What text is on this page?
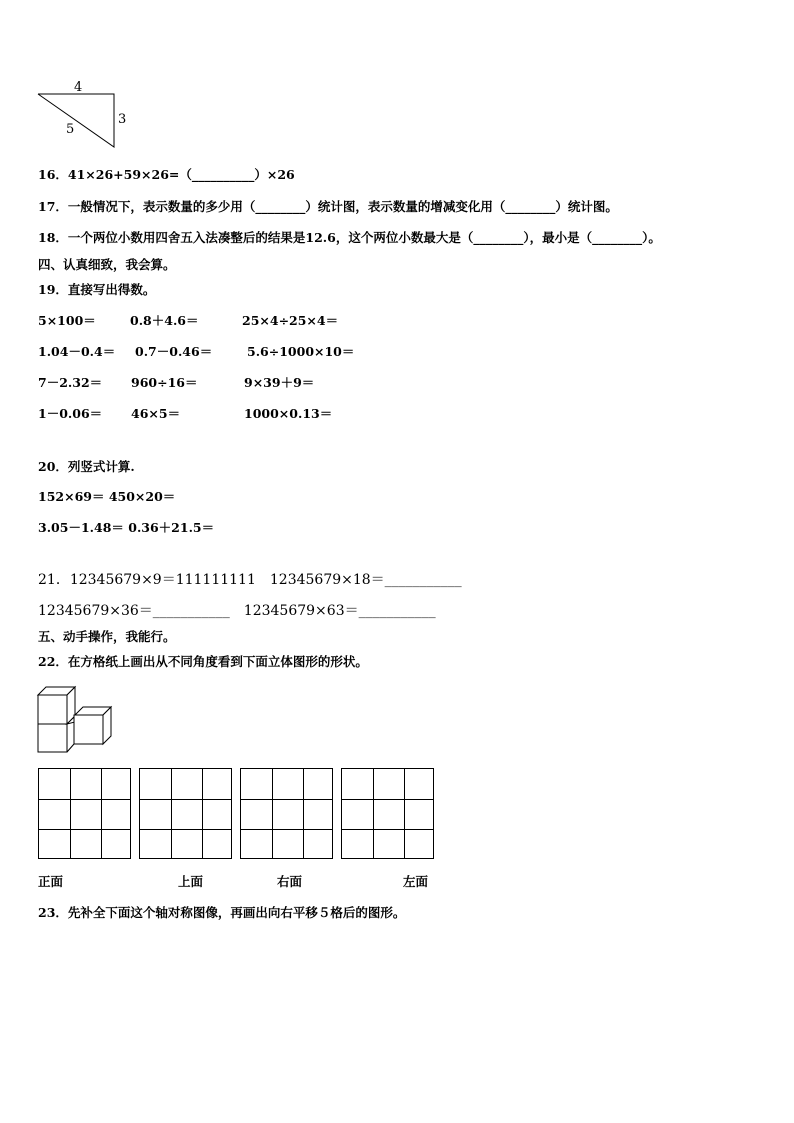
4
3
5
16．41×26+59×26=（__________）×26
17．一般情况下，表示数量的多少用（________）统计图，表示数量的增减变化用（________）统计图。
18．一个两位小数用四舍五入法凑整后的结果是12.6，这个两位小数最大是（________），最小是（________）。
四、认真细致，我会算。
19．直接写出得数。
5×100＝	0.8＋4.6＝	25×4÷25×4＝
1.04－0.4＝ 0.7－0.46＝	5.6÷1000×10＝
7－2.32＝ 960÷16＝	9×39＋9＝
1－0.06＝ 46×5＝	1000×0.13＝
20．列竖式计算.
152×69＝ 450×20＝
3.05－1.48＝ 0.36＋21.5＝
21．12345679×9＝111111111　12345679×18＝___________
12345679×36＝___________　12345679×63＝___________
五、动手操作，我能行。
22．在方格纸上画出从不同角度看到下面立体图形的形状。
正面	上面	右面	左面
23．先补全下面这个轴对称图像，再画出向右平移５格后的图形。
